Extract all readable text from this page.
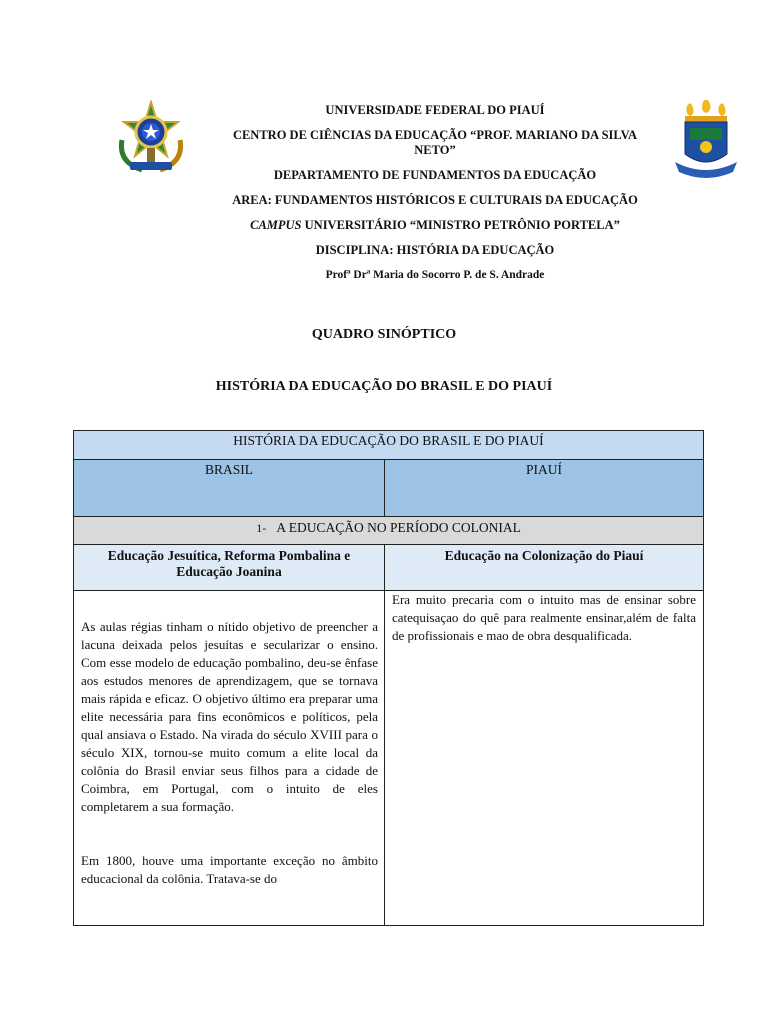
UNIVERSIDADE FEDERAL DO PIAUÍ
CENTRO DE CIÊNCIAS DA EDUCAÇÃO “PROF. MARIANO DA SILVA NETO”
DEPARTAMENTO DE FUNDAMENTOS DA EDUCAÇÃO
AREA: FUNDAMENTOS HISTÓRICOS E CULTURAIS DA EDUCAÇÃO
CAMPUS UNIVERSITÁRIO “MINISTRO PETRÔNIO PORTELA”
DISCIPLINA: HISTÓRIA DA EDUCAÇÃO
Profª Drª Maria do Socorro P. de S. Andrade
QUADRO SINÓPTICO
HISTÓRIA DA EDUCAÇÃO DO BRASIL E DO PIAUÍ
HISTÓRIA DA EDUCAÇÃO DO BRASIL E DO PIAUÍ
BRASIL	PIAUÍ
1- A EDUCAÇÃO NO PERÍODO COLONIAL
Educação Jesuítica, Reforma Pombalina e Educação Joanina
Educação na Colonização do Piauí

As aulas régias tinham o nítido objetivo de preencher a lacuna deixada pelos jesuítas e secularizar o ensino. Com esse modelo de educação pombalino, deu-se ênfase aos estudos menores de aprendizagem, que se tornava mais rápida e eficaz. O objetivo último era preparar uma elite necessária para fins econômicos e políticos, pela qual ansiava o Estado. Na virada do século XVIII para o século XIX, tornou-se muito comum a elite local da colônia do Brasil enviar seus filhos para a cidade de Coimbra, em Portugal, com o intuito de eles completarem a sua formação.

Em 1800, houve uma importante exceção no âmbito educacional da colônia. Tratava-se do

Era muito precaria com o intuito mas de ensinar sobre catequisaçao do quê para realmente ensinar,além de falta de profissionais e mao de obra desqualificada.
